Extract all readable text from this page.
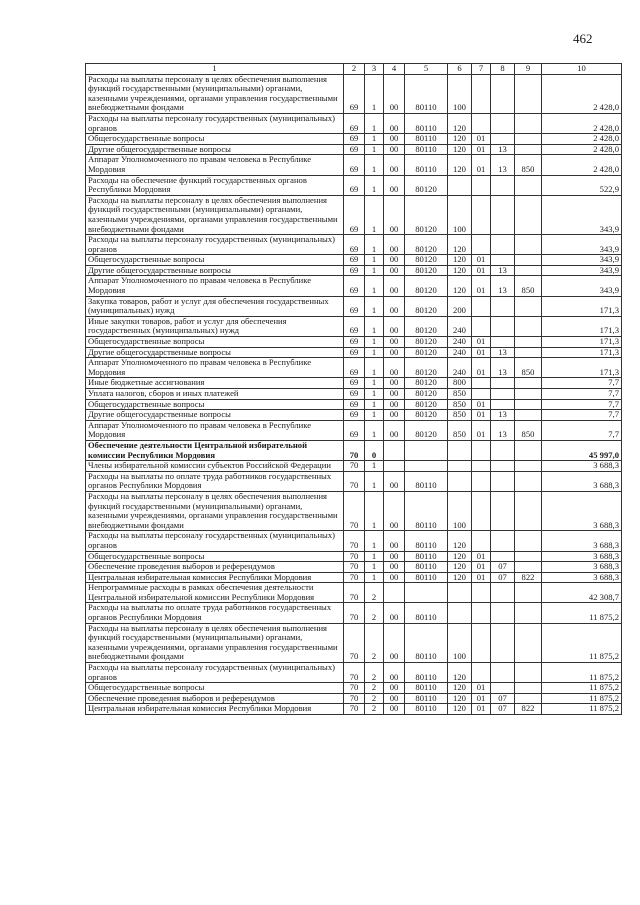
462
1	2	3	4	5	6	7	8	9	10
Расходы на выплаты персоналу в целях обеспечения выполнения функций государственными (муниципальными) органами, казенными учреждениями, органами управления государственными внебюджетными фондами	69	1	00	80110	100				2 428,0
Расходы на выплаты персоналу государственных (муниципальных) органов	69	1	00	80110	120				2 428,0
Общегосударственные вопросы	69	1	00	80110	120	01			2 428,0
Другие общегосударственные вопросы	69	1	00	80110	120	01	13		2 428,0
Аппарат Уполномоченного по правам человека в Республике Мордовия	69	1	00	80110	120	01	13	850	2 428,0
Расходы на обеспечение функций государственных органов Республики Мордовия	69	1	00	80120					522,9
Расходы на выплаты персоналу в целях обеспечения выполнения функций государственными (муниципальными) органами, казенными учреждениями, органами управления государственными внебюджетными фондами	69	1	00	80120	100				343,9
Расходы на выплаты персоналу государственных (муниципальных) органов	69	1	00	80120	120				343,9
Общегосударственные вопросы	69	1	00	80120	120	01			343,9
Другие общегосударственные вопросы	69	1	00	80120	120	01	13		343,9
Аппарат Уполномоченного по правам человека в Республике Мордовия	69	1	00	80120	120	01	13	850	343,9
Закупка товаров, работ и услуг для обеспечения государственных (муниципальных) нужд	69	1	00	80120	200				171,3
Иные закупки товаров, работ и услуг для обеспечения государственных (муниципальных) нужд	69	1	00	80120	240				171,3
Общегосударственные вопросы	69	1	00	80120	240	01			171,3
Другие общегосударственные вопросы	69	1	00	80120	240	01	13		171,3
Аппарат Уполномоченного по правам человека в Республике Мордовия	69	1	00	80120	240	01	13	850	171,3
Иные бюджетные ассигнования	69	1	00	80120	800				7,7
Уплата налогов, сборов и иных платежей	69	1	00	80120	850				7,7
Общегосударственные вопросы	69	1	00	80120	850	01			7,7
Другие общегосударственные вопросы	69	1	00	80120	850	01	13		7,7
Аппарат Уполномоченного по правам человека в Республике Мордовия	69	1	00	80120	850	01	13	850	7,7
Обеспечение деятельности Центральной избирательной комиссии Республики Мордовия	70	0							45 997,0
Члены избирательной комиссии субъектов Российской Федерации	70	1							3 688,3
Расходы на выплаты по оплате труда работников государственных органов Республики Мордовия	70	1	00	80110					3 688,3
Расходы на выплаты персоналу в целях обеспечения выполнения функций государственными (муниципальными) органами, казенными учреждениями, органами управления государственными внебюджетными фондами	70	1	00	80110	100				3 688,3
Расходы на выплаты персоналу государственных (муниципальных) органов	70	1	00	80110	120				3 688,3
Общегосударственные вопросы	70	1	00	80110	120	01			3 688,3
Обеспечение проведения выборов и референдумов	70	1	00	80110	120	01	07		3 688,3
Центральная избирательная комиссия Республики Мордовия	70	1	00	80110	120	01	07	822	3 688,3
Непрограммные расходы в рамках обеспечения деятельности Центральной избирательной комиссии Республики Мордовия	70	2							42 308,7
Расходы на выплаты по оплате труда работников государственных органов Республики Мордовия	70	2	00	80110					11 875,2
Расходы на выплаты персоналу в целях обеспечения выполнения функций государственными (муниципальными) органами, казенными учреждениями, органами управления государственными внебюджетными фондами	70	2	00	80110	100				11 875,2
Расходы на выплаты персоналу государственных (муниципальных) органов	70	2	00	80110	120				11 875,2
Общегосударственные вопросы	70	2	00	80110	120	01			11 875,2
Обеспечение проведения выборов и референдумов	70	2	00	80110	120	01	07		11 875,2
Центральная избирательная комиссия Республики Мордовия	70	2	00	80110	120	01	07	822	11 875,2
